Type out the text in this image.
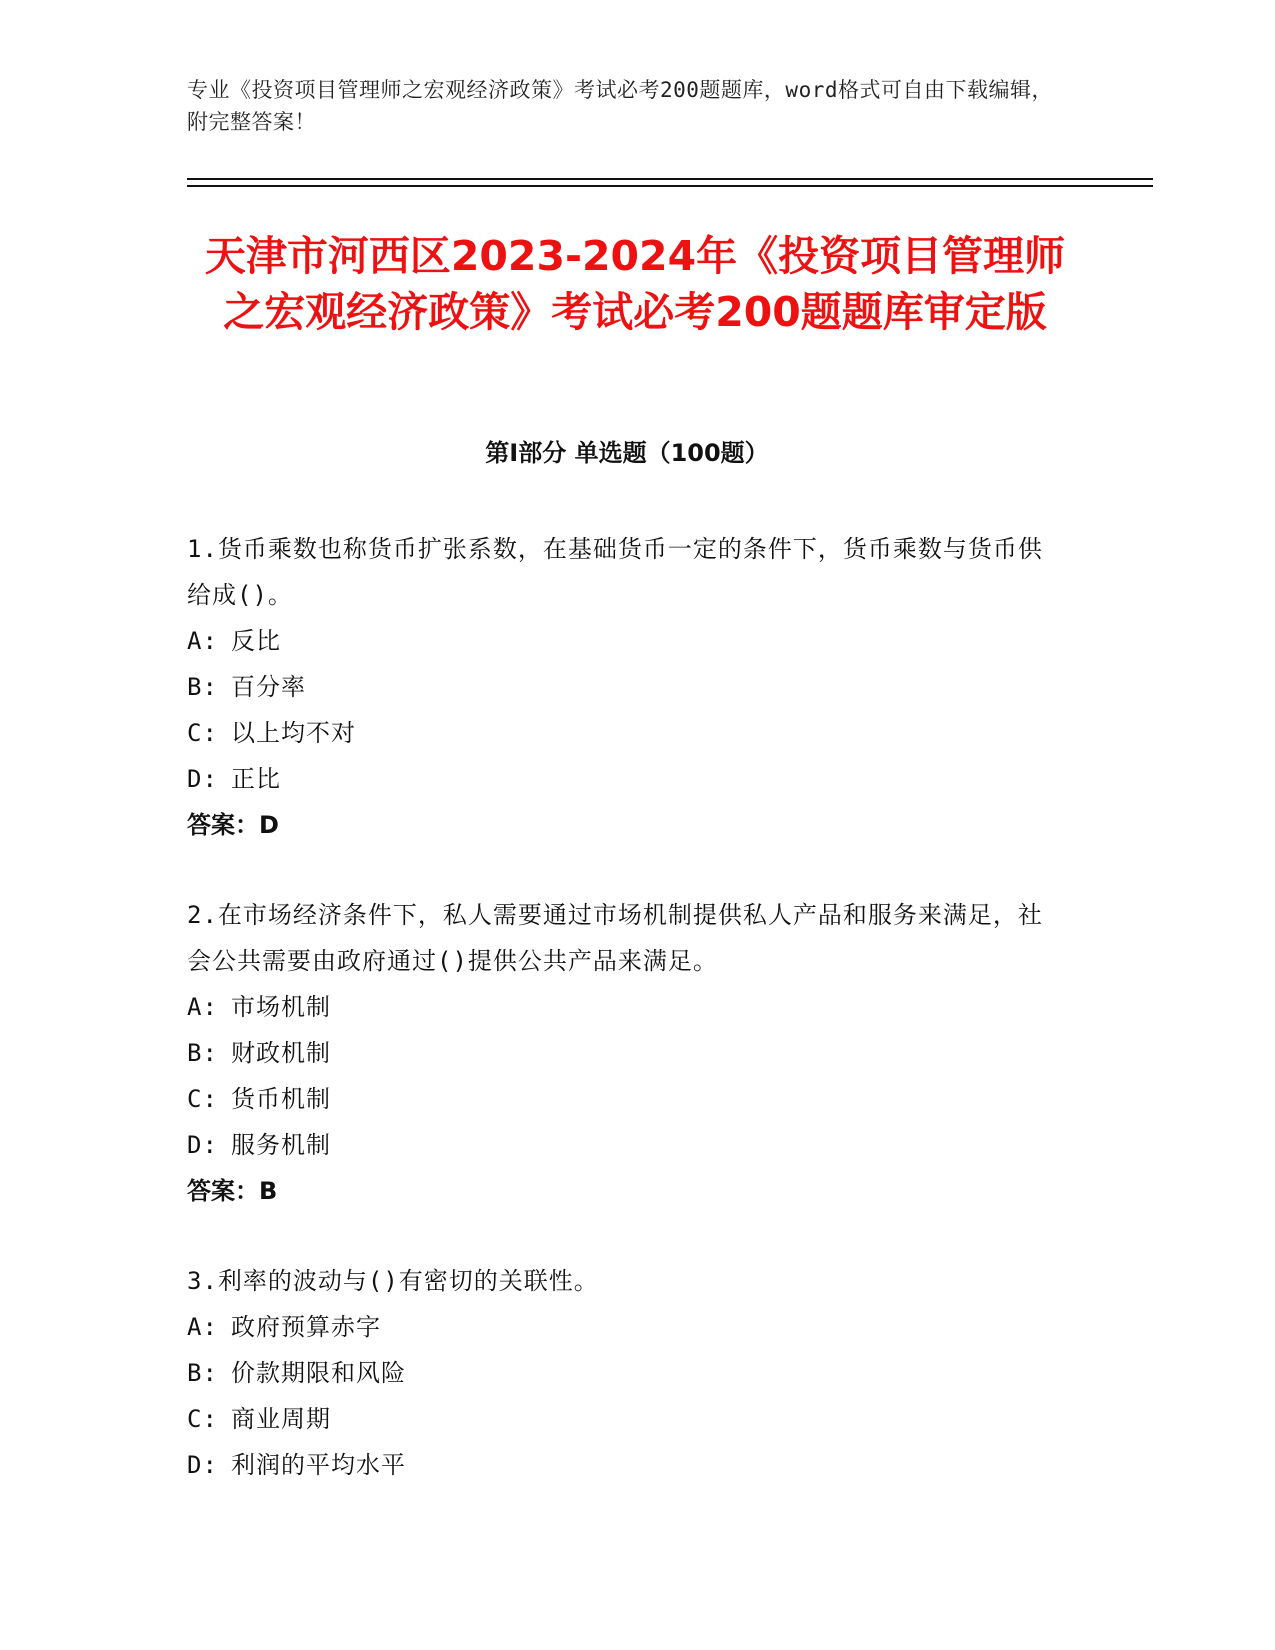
专业《投资项目管理师之宏观经济政策》考试必考200题题库，word格式可自由下载编辑，附完整答案！
天津市河西区2023-2024年《投资项目管理师之宏观经济政策》考试必考200题题库审定版
第I部分 单选题（100题）

1.货币乘数也称货币扩张系数，在基础货币一定的条件下，货币乘数与货币供给成()。

A: 反比

B: 百分率

C: 以上均不对

D: 正比

答案：D

2.在市场经济条件下，私人需要通过市场机制提供私人产品和服务来满足，社会公共需要由政府通过()提供公共产品来满足。

A: 市场机制

B: 财政机制

C: 货币机制

D: 服务机制

答案：B

3.利率的波动与()有密切的关联性。

A: 政府预算赤字

B: 价款期限和风险

C: 商业周期

D: 利润的平均水平
